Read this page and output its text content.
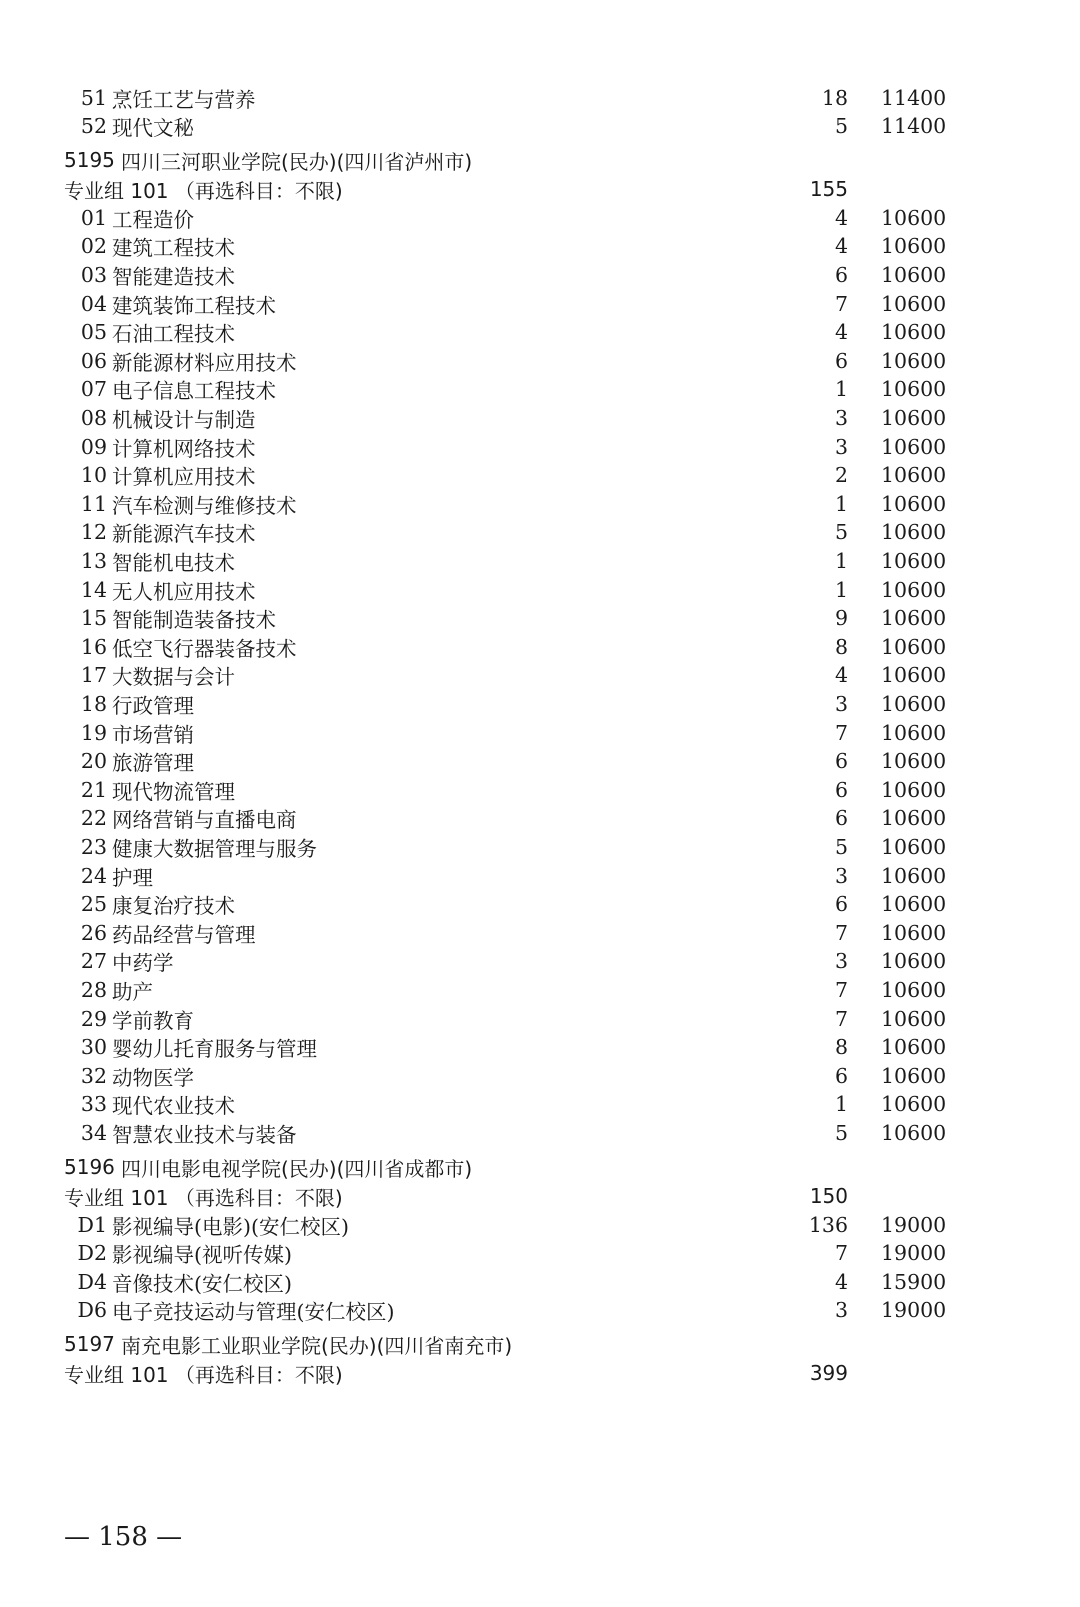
51 烹饪工艺与营养	18 11400
52 现代文秘	5 11400
5195 四川三河职业学院(民办)(四川省泸州市)
专业组 101 （再选科目：不限)	155
01 工程造价	4 10600
02 建筑工程技术	4 10600
03 智能建造技术	6 10600
04 建筑装饰工程技术	7 10600
05 石油工程技术	4 10600
06 新能源材料应用技术	6 10600
07 电子信息工程技术	1 10600
08 机械设计与制造	3 10600
09 计算机网络技术	3 10600
10 计算机应用技术	2 10600
11 汽车检测与维修技术	1 10600
12 新能源汽车技术	5 10600
13 智能机电技术	1 10600
14 无人机应用技术	1 10600
15 智能制造装备技术	9 10600
16 低空飞行器装备技术	8 10600
17 大数据与会计	4 10600
18 行政管理	3 10600
19 市场营销	7 10600
20 旅游管理	6 10600
21 现代物流管理	6 10600
22 网络营销与直播电商	6 10600
23 健康大数据管理与服务	5 10600
24 护理	3 10600
25 康复治疗技术	6 10600
26 药品经营与管理	7 10600
27 中药学	3 10600
28 助产	7 10600
29 学前教育	7 10600
30 婴幼儿托育服务与管理	8 10600
32 动物医学	6 10600
33 现代农业技术	1 10600
34 智慧农业技术与装备	5 10600
5196 四川电影电视学院(民办)(四川省成都市)
专业组 101 （再选科目：不限)	150
D1 影视编导(电影)(安仁校区)	136 19000
D2 影视编导(视听传媒)	7 19000
D4 音像技术(安仁校区)	4 15900
D6 电子竞技运动与管理(安仁校区)	3 19000
5197 南充电影工业职业学院(民办)(四川省南充市)
专业组 101 （再选科目：不限)	399
— 158 —
